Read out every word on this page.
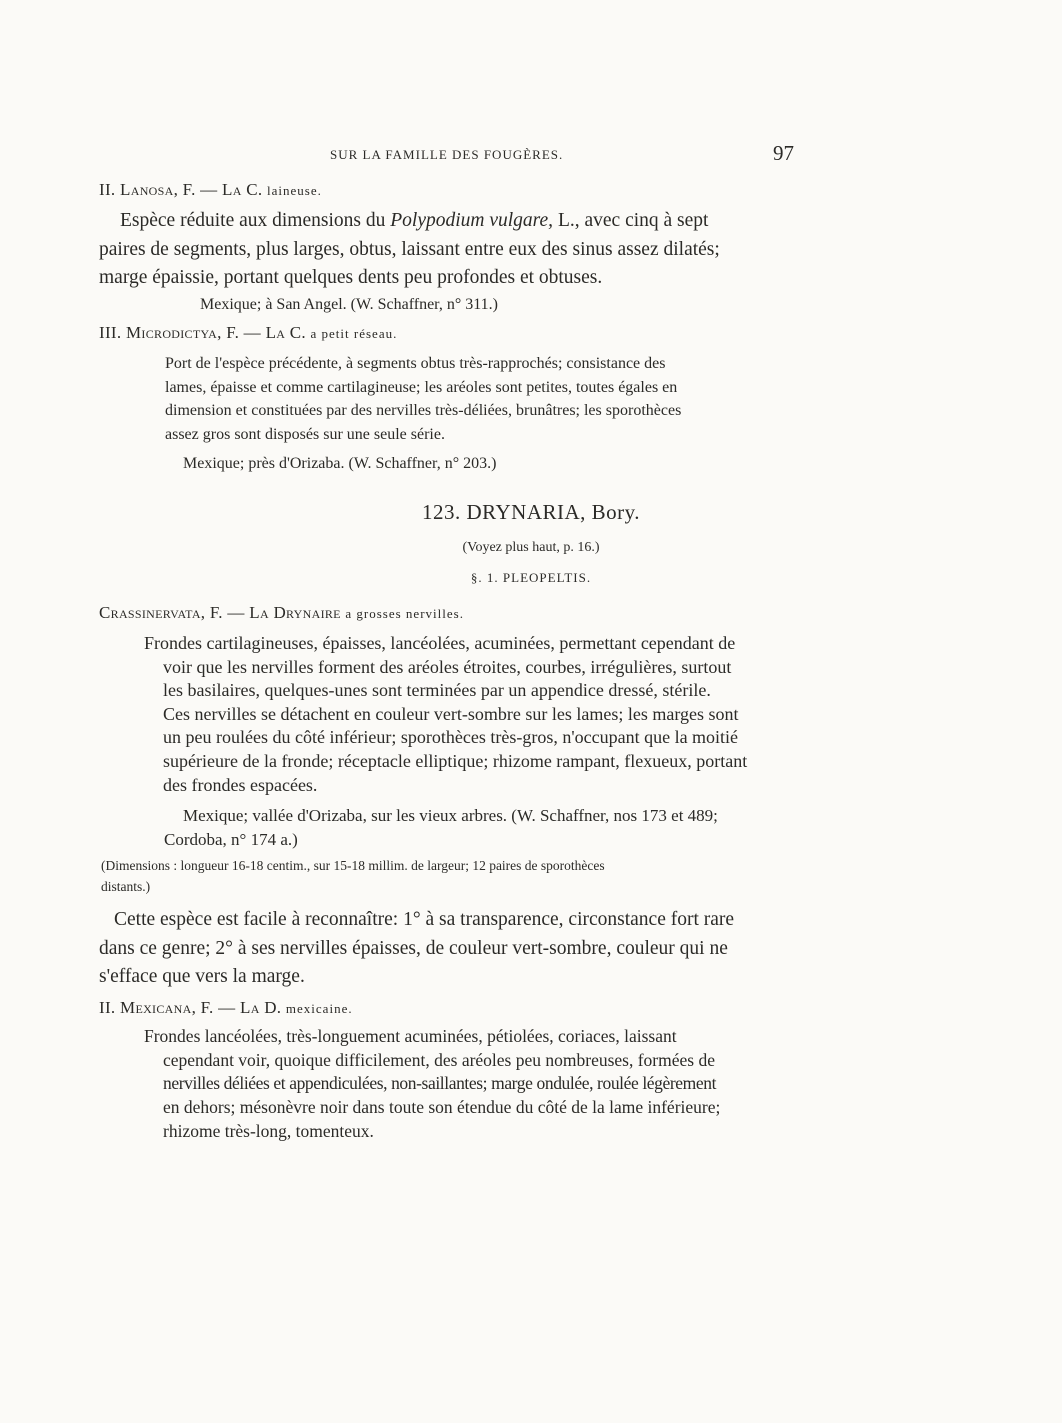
SUR LA FAMILLE DES FOUGÈRES.	97
II. Lanosa, F. — La C. laineuse.
Espèce réduite aux dimensions du Polypodium vulgare, L., avec cinq à sept
paires de segments, plus larges, obtus, laissant entre eux des sinus assez dilatés;
marge épaissie, portant quelques dents peu profondes et obtuses.
Mexique; à San Angel. (W. Schaffner, n° 311.)
III. Microdictya, F. — La C. a petit réseau.
Port de l'espèce précédente, à segments obtus très-rapprochés; consistance des
lames, épaisse et comme cartilagineuse; les aréoles sont petites, toutes égales en
dimension et constituées par des nervilles très-déliées, brunâtres; les sporothèces
assez gros sont disposés sur une seule série.
Mexique; près d'Orizaba. (W. Schaffner, n° 203.)
123. DRYNARIA, Bory.
(Voyez plus haut, p. 16.)
§. 1. PLEOPELTIS.
Crassinervata, F. — La Drynaire a grosses nervilles.
Frondes cartilagineuses, épaisses, lancéolées, acuminées, permettant cependant de
voir que les nervilles forment des aréoles étroites, courbes, irrégulières, surtout
les basilaires, quelques-unes sont terminées par un appendice dressé, stérile.
Ces nervilles se détachent en couleur vert-sombre sur les lames; les marges sont
un peu roulées du côté inférieur; sporothèces très-gros, n'occupant que la moitié
supérieure de la fronde; réceptacle elliptique; rhizome rampant, flexueux, portant
des frondes espacées.
Mexique; vallée d'Orizaba, sur les vieux arbres. (W. Schaffner, nos 173 et 489;
Cordoba, n° 174 a.)
(Dimensions : longueur 16-18 centim., sur 15-18 millim. de largeur; 12 paires de sporothèces
distants.)
Cette espèce est facile à reconnaître: 1° à sa transparence, circonstance fort rare
dans ce genre; 2° à ses nervilles épaisses, de couleur vert-sombre, couleur qui ne
s'efface que vers la marge.
II. Mexicana, F. — La D. mexicaine.
Frondes lancéolées, très-longuement acuminées, pétiolées, coriaces, laissant
cependant voir, quoique difficilement, des aréoles peu nombreuses, formées de
nervilles déliées et appendiculées, non-saillantes; marge ondulée, roulée légèrement
en dehors; mésonèvre noir dans toute son étendue du côté de la lame inférieure;
rhizome très-long, tomenteux.
